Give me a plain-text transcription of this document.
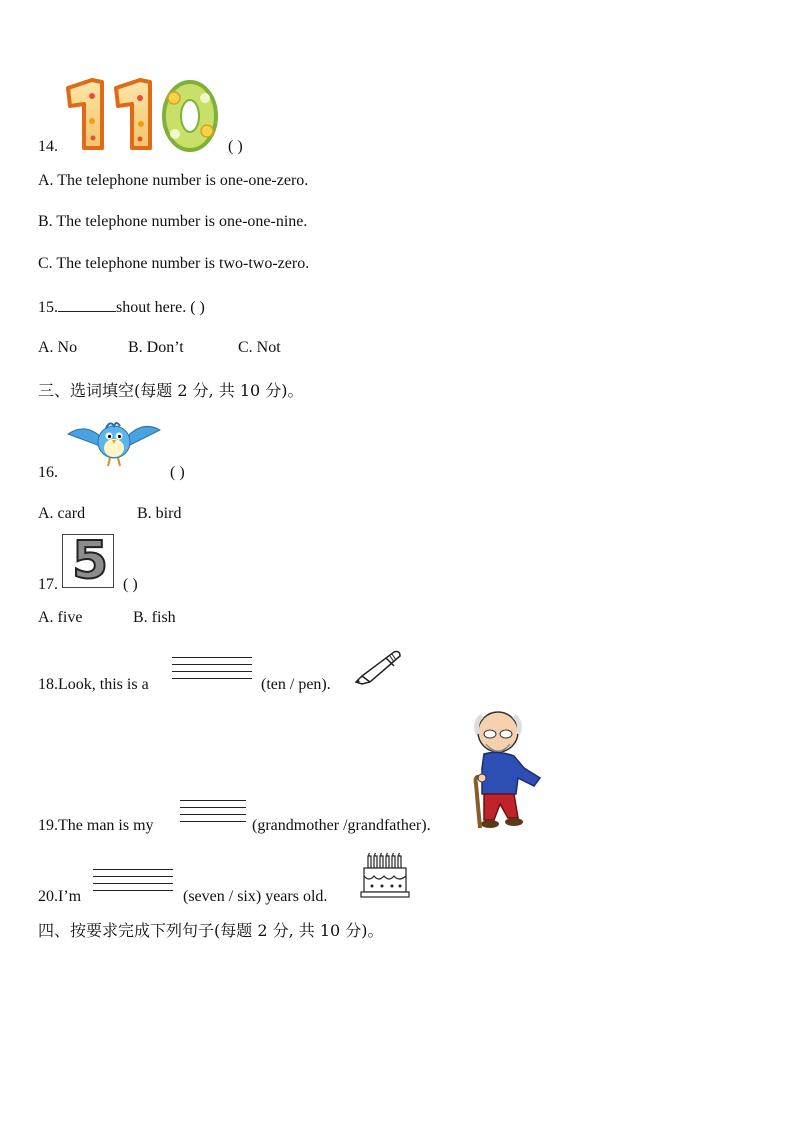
14.	( )
A. The telephone number is one-one-zero.
B. The telephone number is one-one-nine.
C. The telephone number is two-two-zero.
15.	shout here. ( )
A. No	B. Don’t	C. Not
三、选词填空(每题 2 分, 共 10 分)。
16.	( )
A. card	B. bird
5
17.	( )
A. five	B. fish
18.Look, this is a	(ten / pen).
19.The man is my	(grandmother /grandfather).
20.I’m	(seven / six) years old.
四、按要求完成下列句子(每题 2 分, 共 10 分)。
